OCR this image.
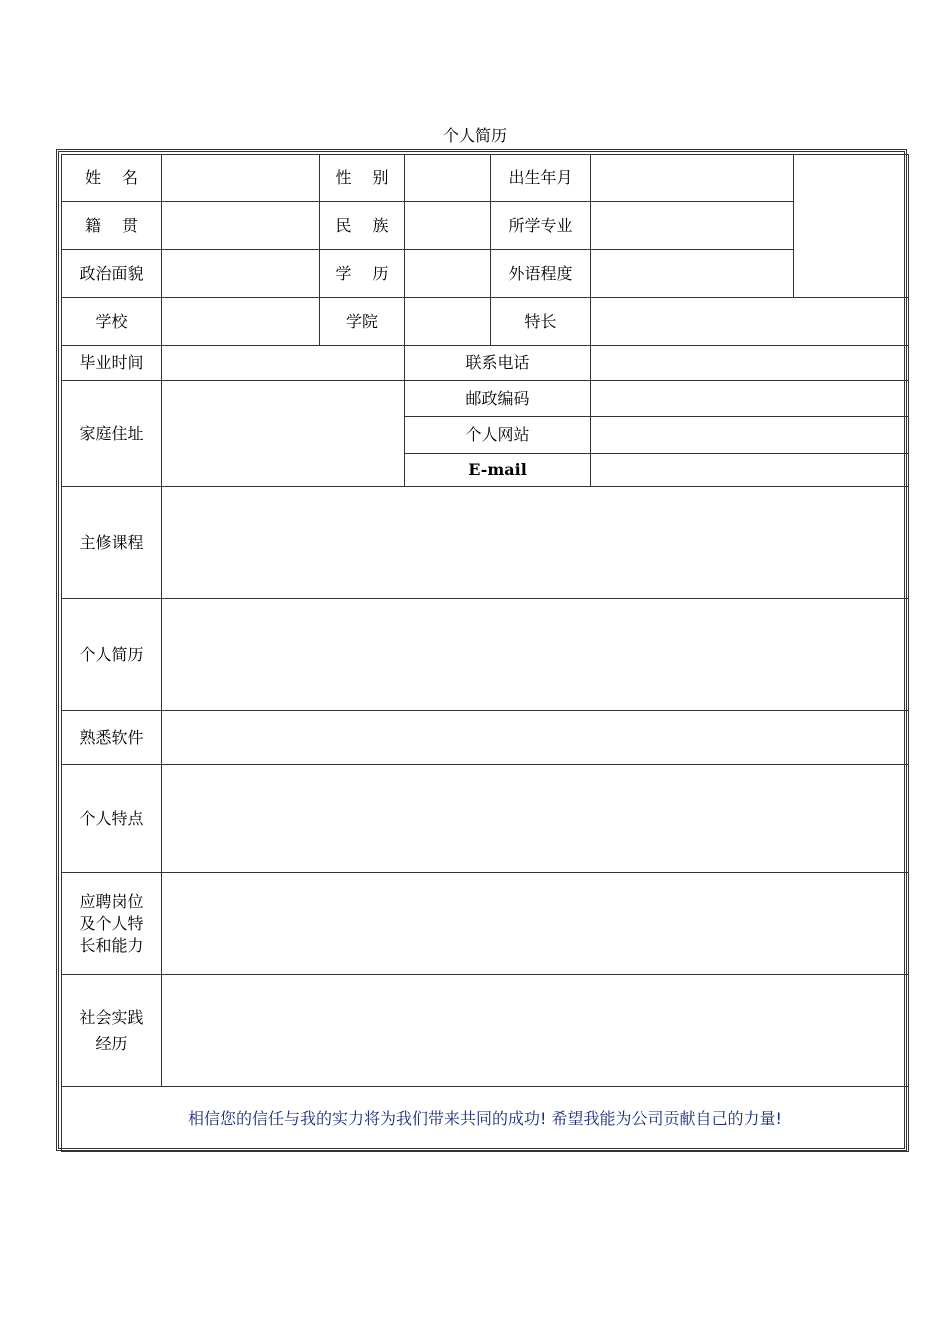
个人简历
姓 名		性 别		出生年月		
籍 贯		民 族		所学专业		
政治面貌		学 历		外语程度		
学校		学院		特长		
毕业时间			联系电话			
家庭住址			邮政编码			
			个人网站			
			E-mail			
主修课程						
个人简历						
熟悉软件						
个人特点						

应聘岗位
及个人特
长和能力						

社会实践
经历						

相信您的信任与我的实力将为我们带来共同的成功! 希望我能为公司贡献自己的力量!						
